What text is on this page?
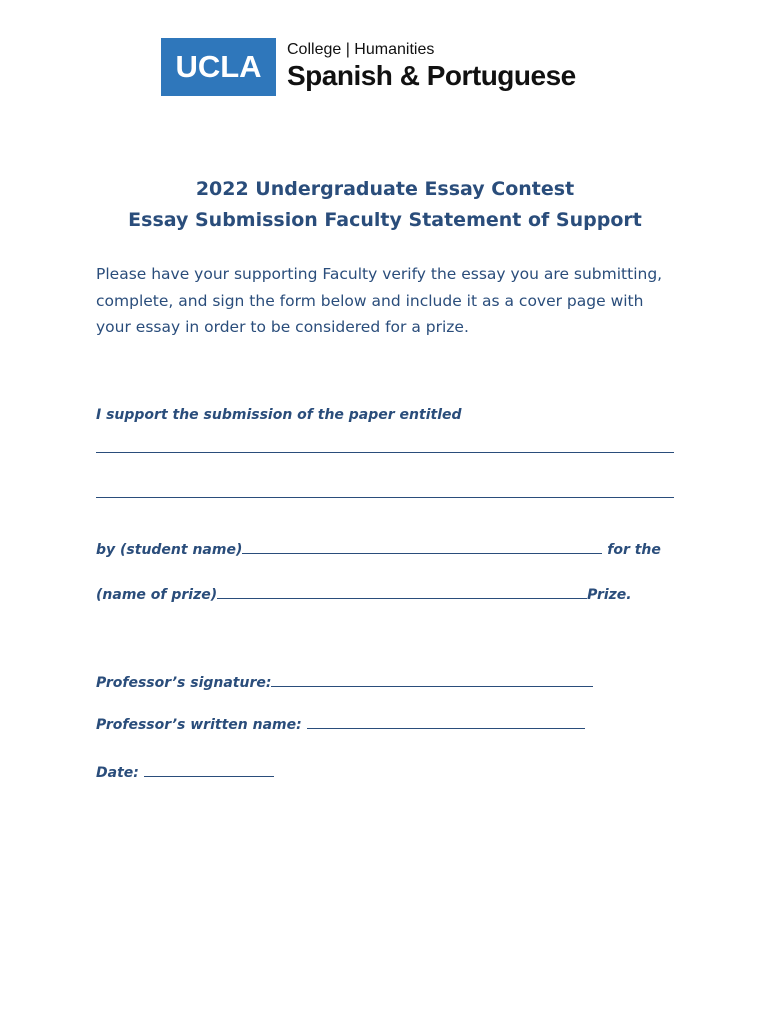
UCLA	College | Humanities
Spanish & Portuguese
2022 Undergraduate Essay Contest
Essay Submission Faculty Statement of Support
Please have your supporting Faculty verify the essay you are submitting,
complete, and sign the form below and include it as a cover page with
your essay in order to be considered for a prize.
I support the submission of the paper entitled
by (student name)	for the
(name of prize)	Prize.
Professor’s signature:
Professor’s written name:
Date:
